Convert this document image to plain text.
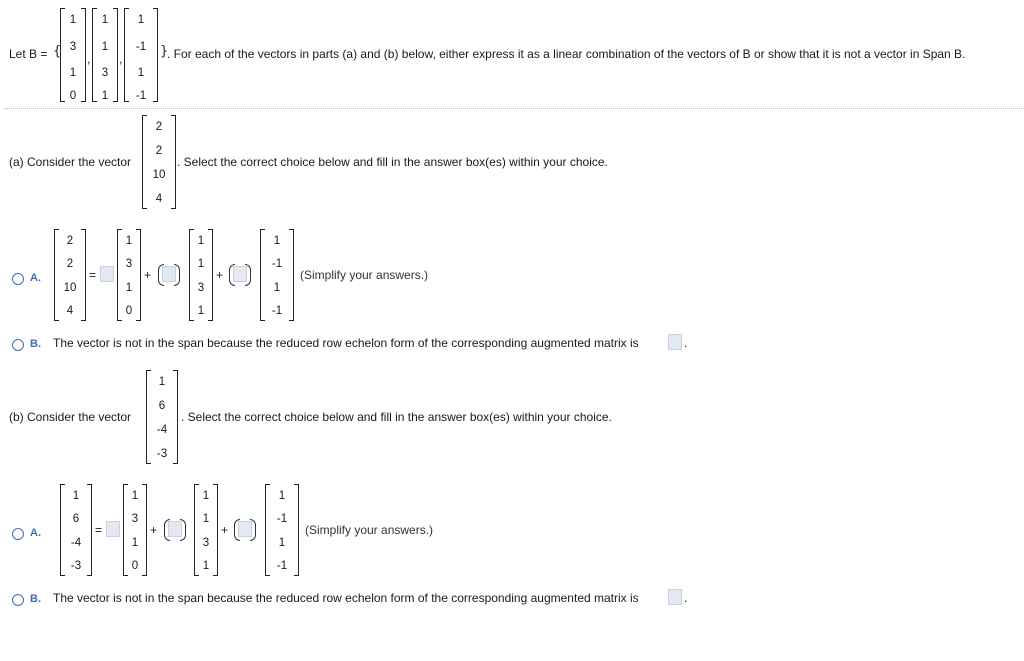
Let B = {
1
3
1
0
,
1
1
3
1
,
1
-1
1
-1
}
. For each of the vectors in parts (a) and (b) below, either express it as a linear combination of the vectors of B or show that it is not a vector in Span B.
(a) Consider the vector
2
2
10
4
. Select the correct choice below and fill in the answer box(es) within your choice.
A.
2
2
10
4
=
1
3
1
0
+
1
1
3
1
+
1
-1
1
-1
(Simplify your answers.)
B. The vector is not in the span because the reduced row echelon form of the corresponding augmented matrix is	.
(b) Consider the vector
1
6
-4
-3
. Select the correct choice below and fill in the answer box(es) within your choice.
A.
1
6
-4
-3
=
1
3
1
0
+
1
1
3
1
+
1
-1
1
-1
(Simplify your answers.)
B. The vector is not in the span because the reduced row echelon form of the corresponding augmented matrix is	.
